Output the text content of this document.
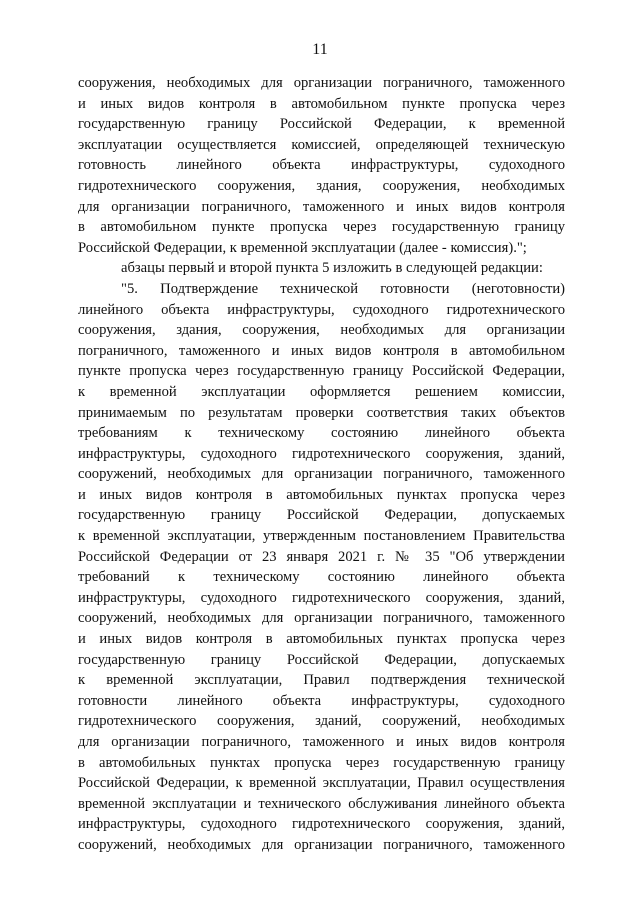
11
сооружения, необходимых для организации пограничного, таможенного
и иных видов контроля в автомобильном пункте пропуска через
государственную границу Российской Федерации, к временной
эксплуатации осуществляется комиссией, определяющей техническую
готовность линейного объекта инфраструктуры, судоходного
гидротехнического сооружения, здания, сооружения, необходимых
для организации пограничного, таможенного и иных видов контроля
в автомобильном пункте пропуска через государственную границу
Российской Федерации, к временной эксплуатации (далее - комиссия).";
абзацы первый и второй пункта 5 изложить в следующей редакции:
"5. Подтверждение технической готовности (неготовности)
линейного объекта инфраструктуры, судоходного гидротехнического
сооружения, здания, сооружения, необходимых для организации
пограничного, таможенного и иных видов контроля в автомобильном
пункте пропуска через государственную границу Российской Федерации,
к временной эксплуатации оформляется решением комиссии,
принимаемым по результатам проверки соответствия таких объектов
требованиям к техническому состоянию линейного объекта
инфраструктуры, судоходного гидротехнического сооружения, зданий,
сооружений, необходимых для организации пограничного, таможенного
и иных видов контроля в автомобильных пунктах пропуска через
государственную границу Российской Федерации, допускаемых
к временной эксплуатации, утвержденным постановлением Правительства
Российской Федерации от 23 января 2021 г. № 35 "Об утверждении
требований к техническому состоянию линейного объекта
инфраструктуры, судоходного гидротехнического сооружения, зданий,
сооружений, необходимых для организации пограничного, таможенного
и иных видов контроля в автомобильных пунктах пропуска через
государственную границу Российской Федерации, допускаемых
к временной эксплуатации, Правил подтверждения технической
готовности линейного объекта инфраструктуры, судоходного
гидротехнического сооружения, зданий, сооружений, необходимых
для организации пограничного, таможенного и иных видов контроля
в автомобильных пунктах пропуска через государственную границу
Российской Федерации, к временной эксплуатации, Правил осуществления
временной эксплуатации и технического обслуживания линейного объекта
инфраструктуры, судоходного гидротехнического сооружения, зданий,
сооружений, необходимых для организации пограничного, таможенного
